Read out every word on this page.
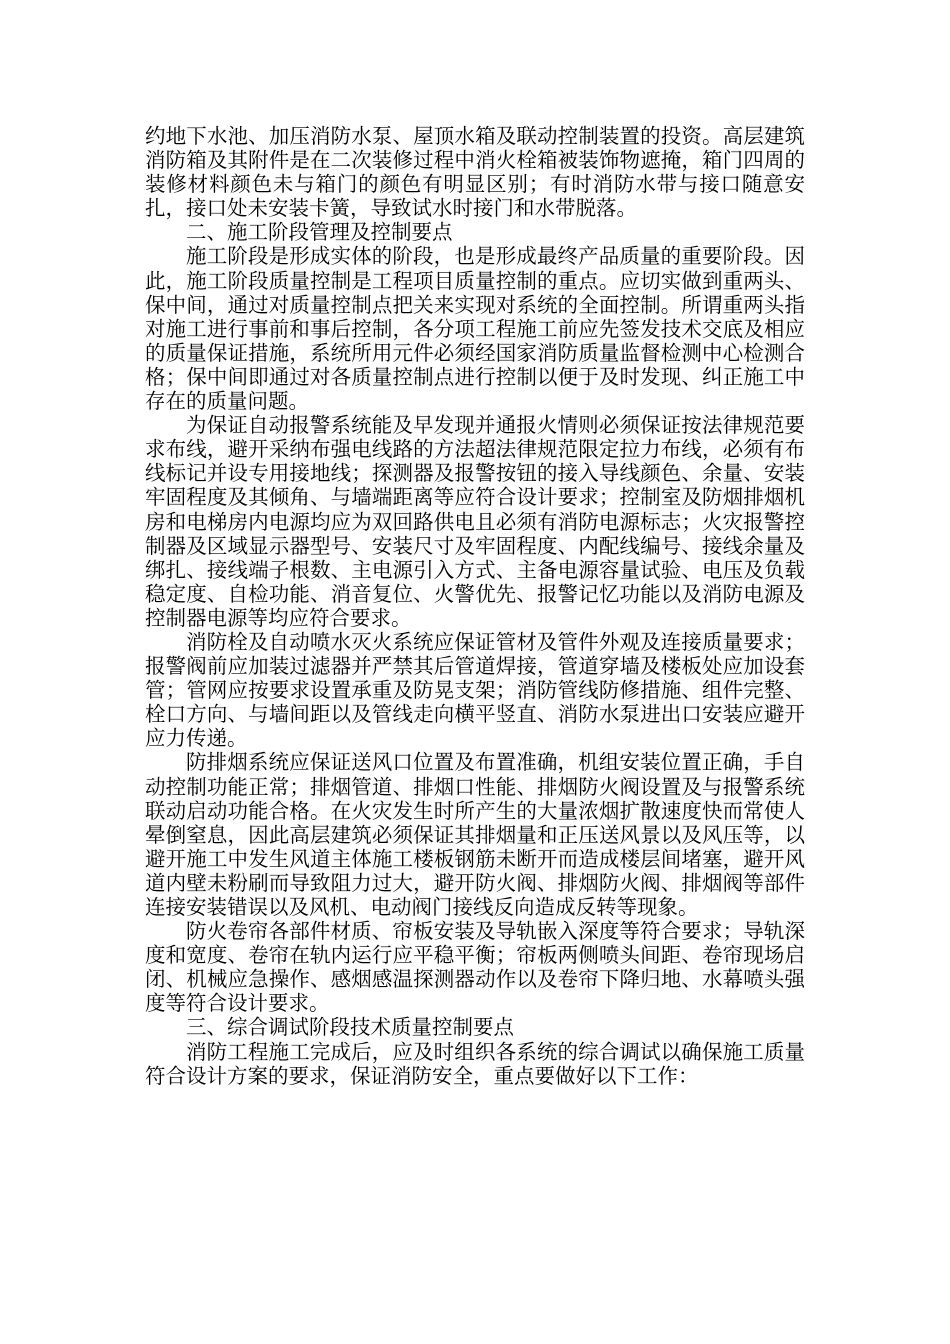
约地下水池、加压消防水泵、屋顶水箱及联动控制装置的投资。高层建筑消防箱及其附件是在二次装修过程中消火栓箱被装饰物遮掩，箱门四周的装修材料颜色未与箱门的颜色有明显区别；有时消防水带与接口随意安扎，接口处未安装卡簧，导致试水时接门和水带脱落。

二、施工阶段管理及控制要点

施工阶段是形成实体的阶段，也是形成最终产品质量的重要阶段。因此，施工阶段质量控制是工程项目质量控制的重点。应切实做到重两头、保中间，通过对质量控制点把关来实现对系统的全面控制。所谓重两头指对施工进行事前和事后控制，各分项工程施工前应先签发技术交底及相应的质量保证措施，系统所用元件必须经国家消防质量监督检测中心检测合格；保中间即通过对各质量控制点进行控制以便于及时发现、纠正施工中存在的质量问题。

为保证自动报警系统能及早发现并通报火情则必须保证按法律规范要求布线，避开采纳布强电线路的方法超法律规范限定拉力布线，必须有布线标记并设专用接地线；探测器及报警按钮的接入导线颜色、余量、安装牢固程度及其倾角、与墙端距离等应符合设计要求；控制室及防烟排烟机房和电梯房内电源均应为双回路供电且必须有消防电源标志；火灾报警控制器及区域显示器型号、安装尺寸及牢固程度、内配线编号、接线余量及绑扎、接线端子根数、主电源引入方式、主备电源容量试验、电压及负载稳定度、自检功能、消音复位、火警优先、报警记忆功能以及消防电源及控制器电源等均应符合要求。

消防栓及自动喷水灭火系统应保证管材及管件外观及连接质量要求；报警阀前应加装过滤器并严禁其后管道焊接，管道穿墙及楼板处应加设套管；管网应按要求设置承重及防晃支架；消防管线防修措施、组件完整、栓口方向、与墙间距以及管线走向横平竖直、消防水泵进出口安装应避开应力传递。

防排烟系统应保证送风口位置及布置准确，机组安装位置正确，手自动控制功能正常；排烟管道、排烟口性能、排烟防火阀设置及与报警系统联动启动功能合格。在火灾发生时所产生的大量浓烟扩散速度快而常使人晕倒窒息，因此高层建筑必须保证其排烟量和正压送风景以及风压等，以避开施工中发生风道主体施工楼板钢筋未断开而造成楼层间堵塞，避开风道内壁未粉刷而导致阻力过大，避开防火阀、排烟防火阀、排烟阀等部件连接安装错误以及风机、电动阀门接线反向造成反转等现象。

防火卷帘各部件材质、帘板安装及导轨嵌入深度等符合要求；导轨深度和宽度、卷帘在轨内运行应平稳平衡；帘板两侧喷头间距、卷帘现场启闭、机械应急操作、感烟感温探测器动作以及卷帘下降归地、水幕喷头强度等符合设计要求。

三、综合调试阶段技术质量控制要点

消防工程施工完成后，应及时组织各系统的综合调试以确保施工质量符合设计方案的要求，保证消防安全，重点要做好以下工作：
